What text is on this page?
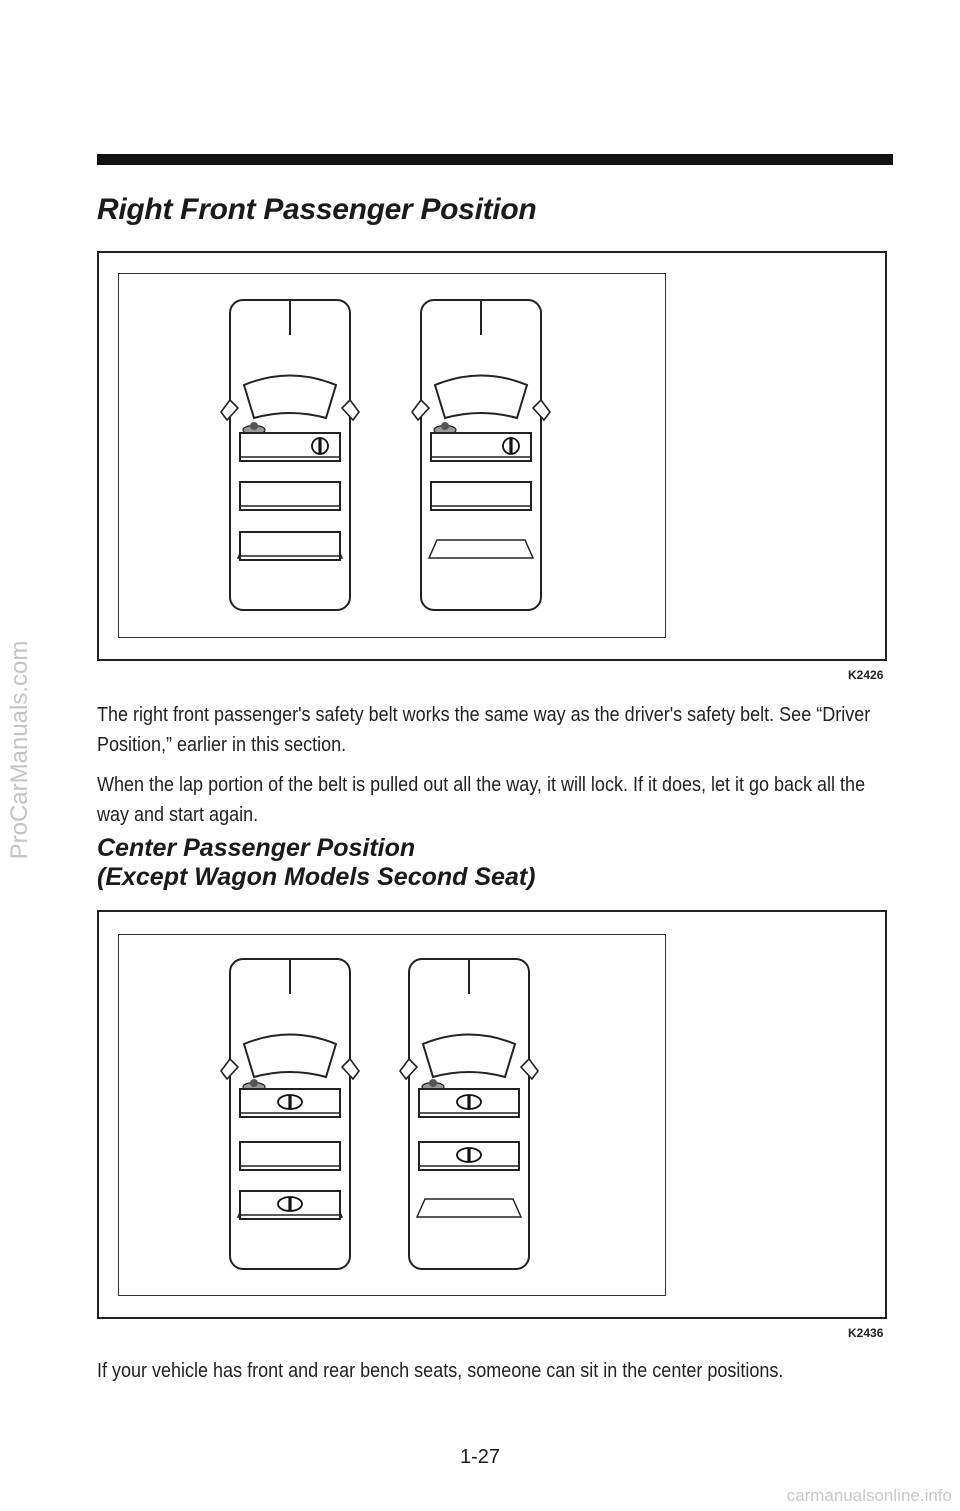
ProCarManuals.com
Right Front Passenger Position
K2426

The right front passenger's safety belt works the same way as the driver's safety belt. See “Driver Position,” earlier in this section.

When the lap portion of the belt is pulled out all the way, it will lock. If it does, let it go back all the way and start again.

Center Passenger Position
(Except Wagon Models Second Seat)
K2436

If your vehicle has front and rear bench seats, someone can sit in the center positions.

1-27
carmanualsonline.info
